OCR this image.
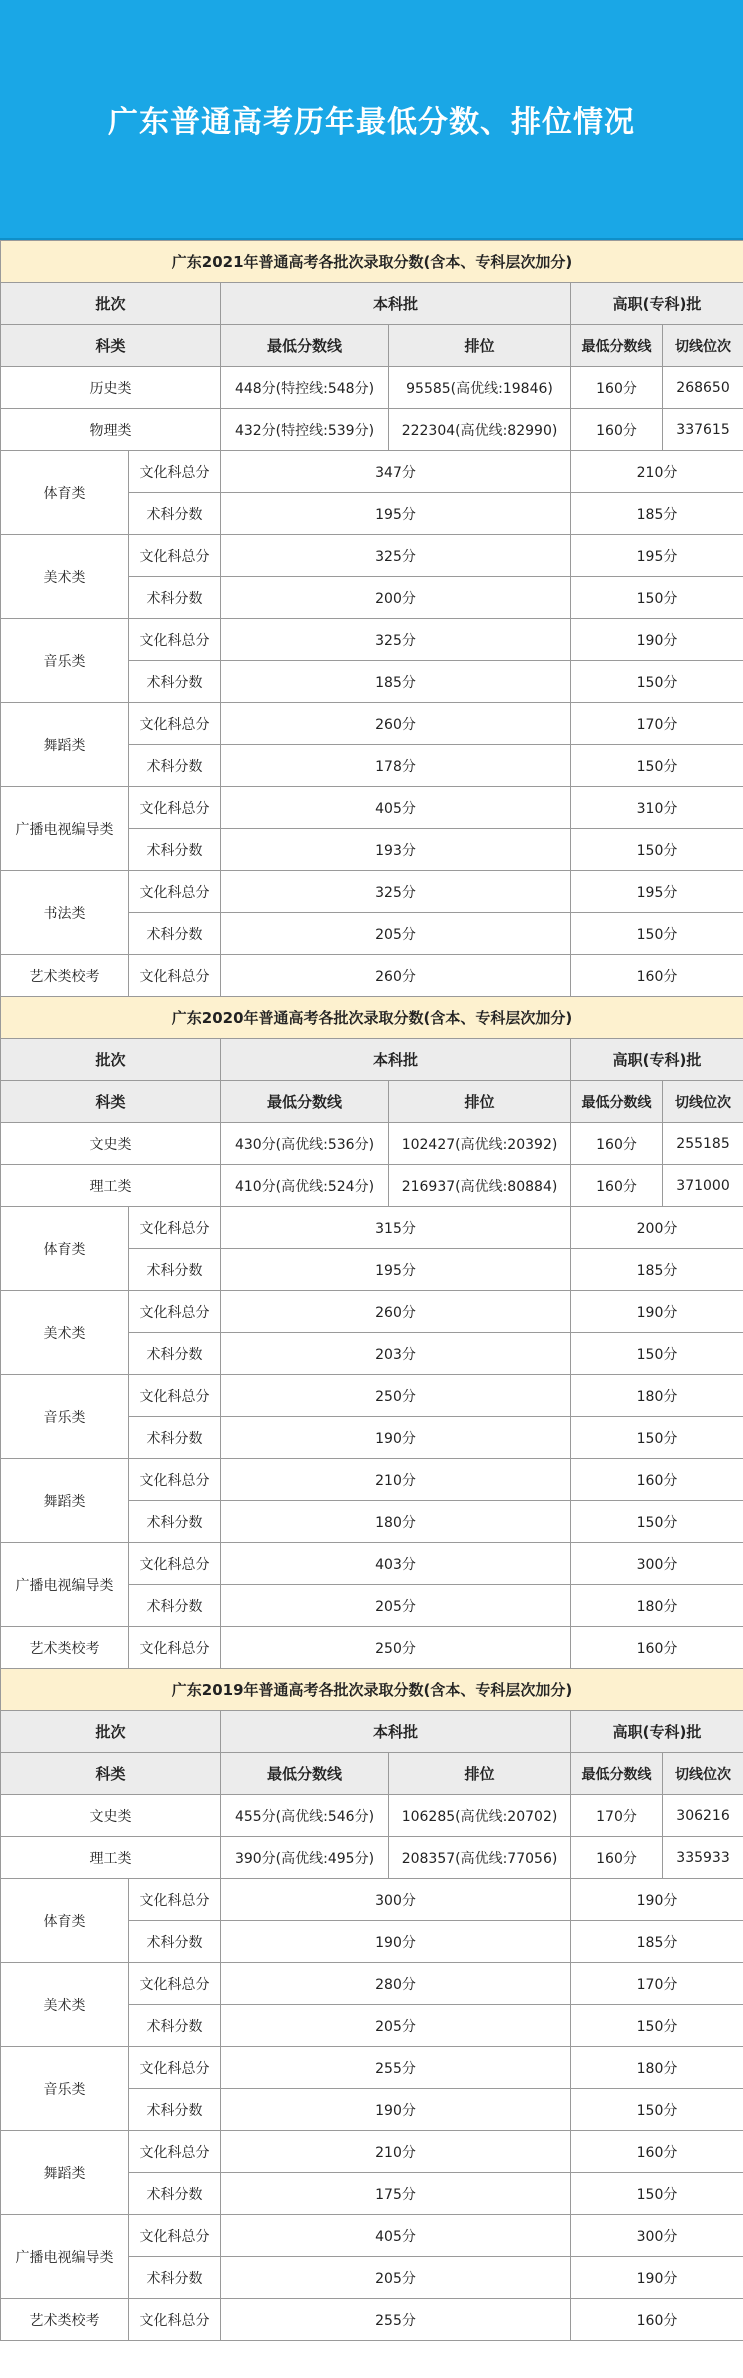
广东普通高考历年最低分数、排位情况
广东2021年普通高考各批次录取分数(含本、专科层次加分)					
批次		本科批		高职(专科)批	
科类		最低分数线	排位	最低分数线	切线位次
历史类		448分(特控线:548分)	95585(高优线:19846)	160分	268650
物理类		432分(特控线:539分)	222304(高优线:82990)	160分	337615
体育类	文化科总分	347分		210分	
	术科分数	195分		185分	
美术类	文化科总分	325分		195分	
	术科分数	200分		150分	
音乐类	文化科总分	325分		190分	
	术科分数	185分		150分	
舞蹈类	文化科总分	260分		170分	
	术科分数	178分		150分	
广播电视编导类	文化科总分	405分		310分	
	术科分数	193分		150分	
书法类	文化科总分	325分		195分	
	术科分数	205分		150分	
艺术类校考	文化科总分	260分		160分	
广东2020年普通高考各批次录取分数(含本、专科层次加分)					
批次		本科批		高职(专科)批	
科类		最低分数线	排位	最低分数线	切线位次
文史类		430分(高优线:536分)	102427(高优线:20392)	160分	255185
理工类		410分(高优线:524分)	216937(高优线:80884)	160分	371000
体育类	文化科总分	315分		200分	
	术科分数	195分		185分	
美术类	文化科总分	260分		190分	
	术科分数	203分		150分	
音乐类	文化科总分	250分		180分	
	术科分数	190分		150分	
舞蹈类	文化科总分	210分		160分	
	术科分数	180分		150分	
广播电视编导类	文化科总分	403分		300分	
	术科分数	205分		180分	
艺术类校考	文化科总分	250分		160分	
广东2019年普通高考各批次录取分数(含本、专科层次加分)					
批次		本科批		高职(专科)批	
科类		最低分数线	排位	最低分数线	切线位次
文史类		455分(高优线:546分)	106285(高优线:20702)	170分	306216
理工类		390分(高优线:495分)	208357(高优线:77056)	160分	335933
体育类	文化科总分	300分		190分	
	术科分数	190分		185分	
美术类	文化科总分	280分		170分	
	术科分数	205分		150分	
音乐类	文化科总分	255分		180分	
	术科分数	190分		150分	
舞蹈类	文化科总分	210分		160分	
	术科分数	175分		150分	
广播电视编导类	文化科总分	405分		300分	
	术科分数	205分		190分	
艺术类校考	文化科总分	255分		160分	
